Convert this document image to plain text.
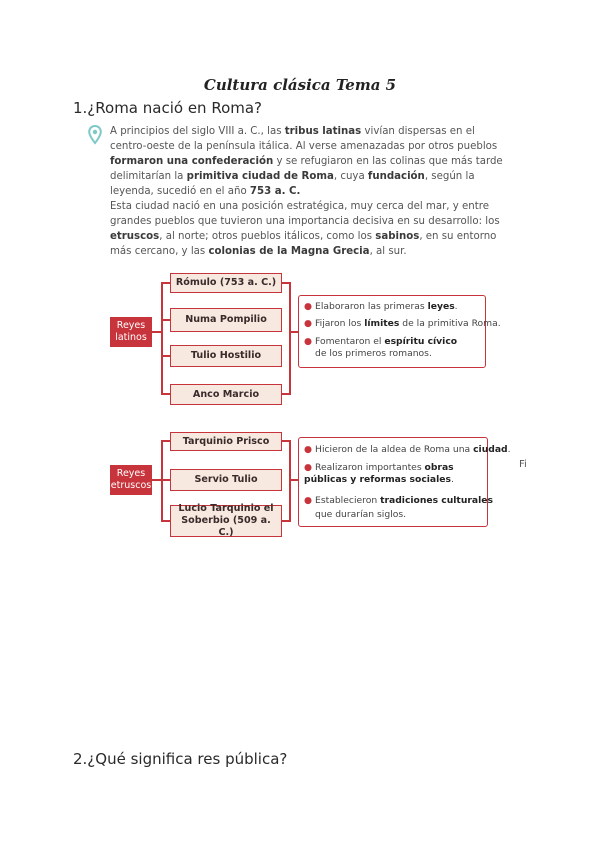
Cultura clásica Tema 5
1.¿Roma nació en Roma?
A principios del siglo VIII a. C., las tribus latinas vivían dispersas en el centro-oeste de la península itálica. Al verse amenazadas por otros pueblos formaron una confederación y se refugiaron en las colinas que más tarde delimitarían la primitiva ciudad de Roma, cuya fundación, según la leyenda, sucedió en el año 753 a. C.
Esta ciudad nació en una posición estratégica, muy cerca del mar, y entre grandes pueblos que tuvieron una importancia decisiva en su desarrollo: los etruscos, al norte; otros pueblos itálicos, como los sabinos, en su entorno más cercano, y las colonias de la Magna Grecia, al sur.
Reyes latinos
Rómulo (753 a. C.)
Numa Pompilio
Tulio Hostilio
Anco Marcio
● Elaboraron las primeras leyes.
● Fijaron los límites de la primitiva Roma.
● Fomentaron el espíritu cívico
de los primeros romanos.
Reyes etruscos
Tarquinio Prisco
Servio Tulio
Lucio Tarquinio el Soberbio (509 a. C.)
● Hicieron de la aldea de Roma una ciudad.
● Realizaron importantes obras públicas y reformas sociales.
● Establecieron tradiciones culturales
que durarían siglos.
Fi
2.¿Qué significa res pública?
